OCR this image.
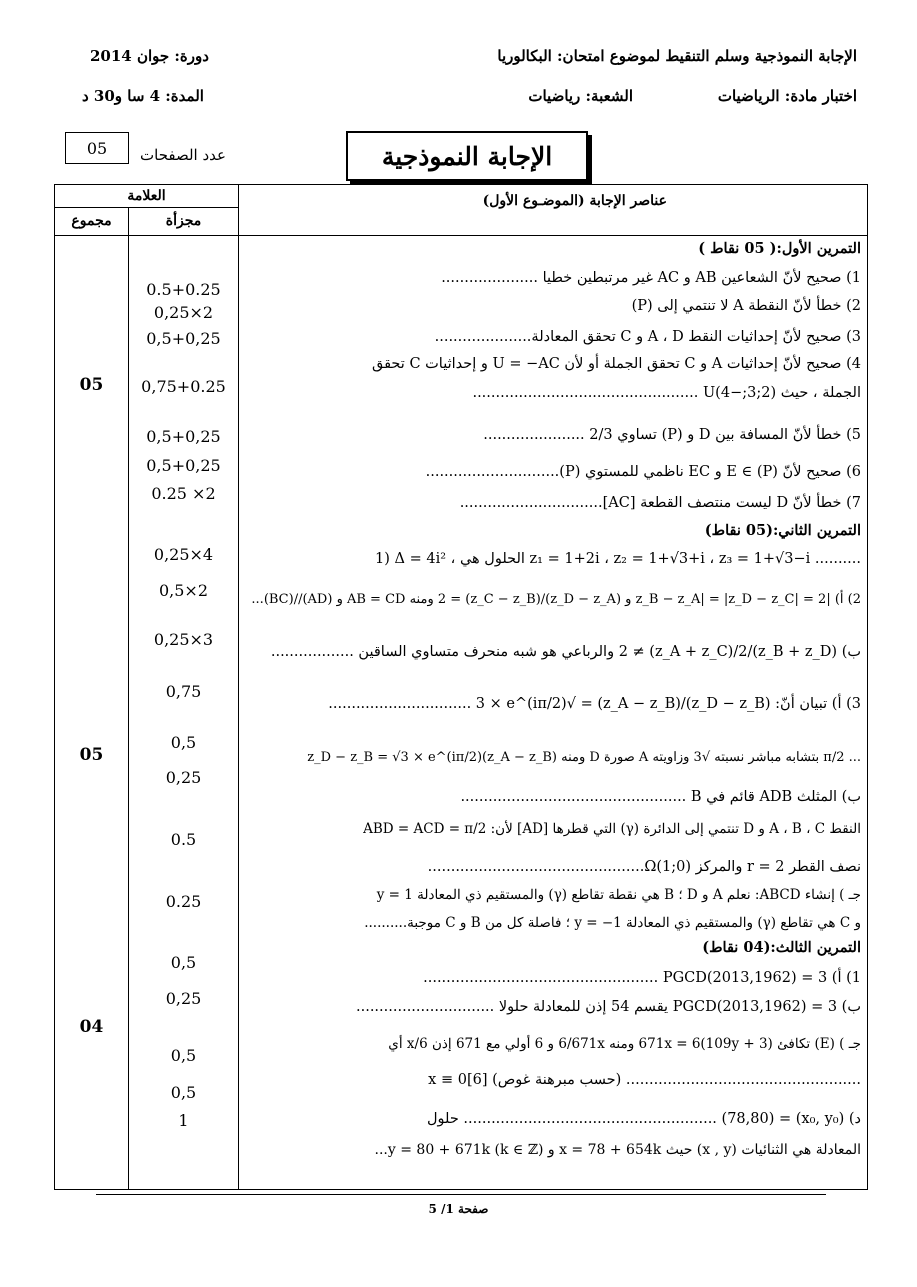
الإجابة النموذجية وسلم التنقيط لموضوع امتحان: البكالوريا
اختبار مادة: الرياضيات
الشعبة: رياضيات
دورة: جوان 2014
المدة: 4 سا و30 د
05 عدد الصفحات	الإجابة النموذجية
العلامة
مجزأة
مجموع
عناصر الإجابة (الموضـوع الأول)
05
05
04
0.5+0.25
0,25×2
0,5+0,25
0,75+0.25
0,5+0,25
0,5+0,25
0.25 ×2
0,25×4
0,5×2
0,25×3
0,75
0,5
0,25
0.5
0.25
0,5
0,25
0,5
0,5
1
التمرين الأول:( 05 نقاط )
1) صحيح لأنّ الشعاعين AB و AC غير مرتبطين خطيا .....................
2) خطأ لأنّ النقطة A لا تنتمي إلى (P)
3) صحيح لأنّ إحداثيات النقط A ، D و C تحقق المعادلة.....................
4) صحيح لأنّ إحداثيات A و C تحقق الجملة أو لأن U = −AC و إحداثيات C تحقق
الجملة ، حيث (2;3;−4)U .................................................
5) خطأ لأنّ المسافة بين D و (P) تساوي 2/3 ......................
6) صحيح لأنّ E ∈ (P) و EC ناظمي للمستوي (P).............................
7) خطأ لأنّ D ليست منتصف القطعة [AC]...............................
التمرين الثاني:(05 نقاط)
1) Δ = 4i² ، الحلول هي z₁ = 1+2i ، z₂ = 1+√3+i ، z₃ = 1+√3−i ..........
2) أ) |z_B − z_A| = |z_D − z_C| = 2 و (z_D − z_A)/(z_C − z_B) = 2 ومنه AB = CD و (AD)//(BC)...
ب) (z_B + z_D)/2 ≠ (z_A + z_C)/2 والرباعي هو شبه منحرف متساوي الساقين ..................
3) أ) تبيان أنّ: (z_D − z_B)/(z_A − z_B) = √3 × e^(iπ/2) ...............................
z_D − z_B = √3 × e^(iπ/2)(z_A − z_B) ومنه D صورة A بتشابه مباشر نسبته √3 وزاويته π/2 ...
ب) المثلث ADB قائم في B .................................................
النقط A ، B ، C و D تنتمي إلى الدائرة (γ) التي قطرها [AD] لأن: ABD = ACD = π/2
نصف القطر r = 2 والمركز Ω(1;0)...............................................
جـ ) إنشاء ABCD: نعلم A و D ؛ B هي نقطة تقاطع (γ) والمستقيم ذي المعادلة y = 1
و C هي تقاطع (γ) والمستقيم ذي المعادلة y = −1 ؛ فاصلة كل من B و C موجبة..........
التمرين الثالث:(04 نقاط)
1) أ) PGCD(2013,1962) = 3 ...................................................
ب) PGCD(2013,1962) = 3 يقسم 54 إذن للمعادلة حلولا ..............................
جـ ) (E) تكافئ 671x = 6(109y + 3) ومنه 6/671x و 6 أولي مع 671 إذن 6/x أي
x ≡ 0[6] (حسب مبرهنة غوص) ...................................................
د) (x₀, y₀) = (78,80) ....................................................... حلول
المعادلة هي الثنائيات (x , y) حيث x = 78 + 654k و y = 80 + 671k (k ∈ ℤ)...
صفحة 1/ 5
